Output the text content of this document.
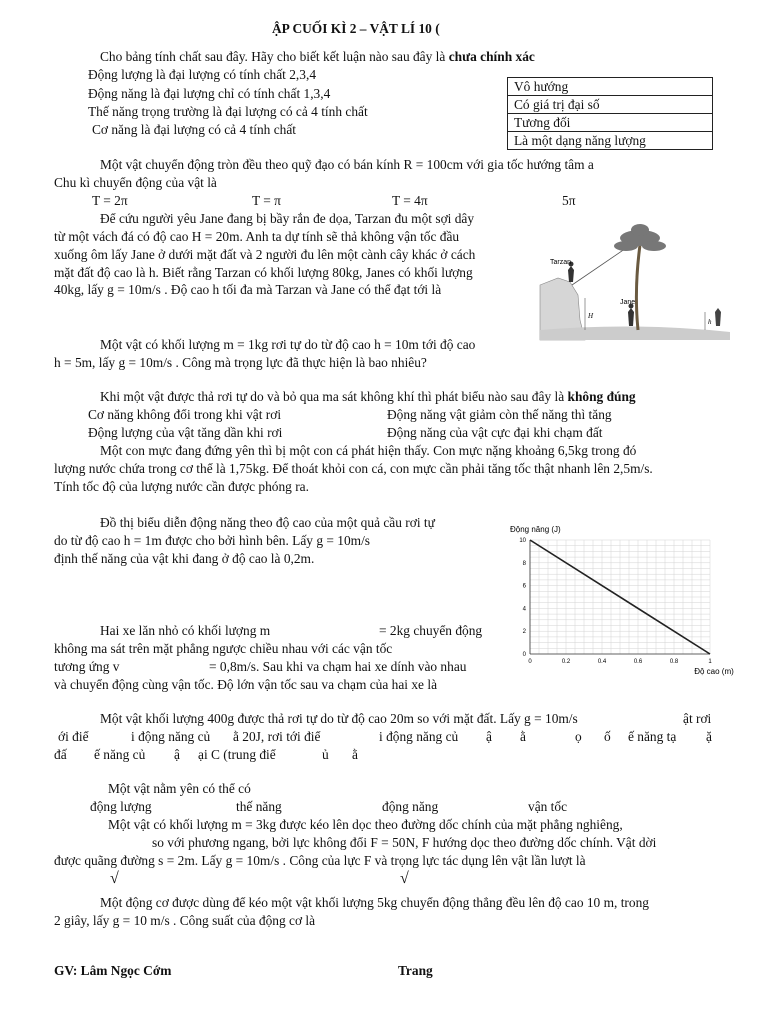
ẬP CUỐI KÌ 2 – VẬT LÍ 10 (
Cho bảng tính chất sau đây. Hãy cho biết kết luận nào sau đây là chưa chính xác
Động lượng là đại lượng có tính chất 2,3,4
Động năng là đại lượng chỉ có tính chất 1,3,4
Thế năng trọng trường là đại lượng có cả 4 tính chất
Cơ năng là đại lượng có cả 4 tính chất
Vô hướng
Có giá trị đại số
Tương đối
Là một dạng năng lượng
Một vật chuyển động tròn đều theo quỹ đạo có bán kính R = 100cm với gia tốc hướng tâm a
Chu kì chuyển động của vật là
T = 2π	T = π	T = 4π	5π
Để cứu người yêu Jane đang bị bầy rắn đe dọa, Tarzan đu một sợi dây
từ một vách đá có độ cao H = 20m. Anh ta dự tính sẽ thả không vận tốc đầu
xuống ôm lấy Jane ở dưới mặt đất và 2 người đu lên một cành cây khác ở cách
mặt đất độ cao là h. Biết rằng Tarzan có khối lượng 80kg, Janes có khối lượng
40kg, lấy g = 10m/s . Độ cao h tối đa mà Tarzan và Jane có thể đạt tới là
Tarzan
Jane
H
h
Một vật có khối lượng m = 1kg rơi tự do từ độ cao h = 10m tới độ cao
h = 5m, lấy g = 10m/s . Công mà trọng lực đã thực hiện là bao nhiêu?
Khi một vật được thả rơi tự do và bỏ qua ma sát không khí thì phát biểu nào sau đây là không đúng
Cơ năng không đổi trong khi vật rơi	Động năng vật giảm còn thế năng thì tăng
Động lượng của vật tăng dần khi rơi	Động năng của vật cực đại khi chạm đất
Một con mực đang đứng yên thì bị một con cá phát hiện thấy. Con mực nặng khoảng 6,5kg trong đó
lượng nước chứa trong cơ thể là 1,75kg. Để thoát khỏi con cá, con mực cần phải tăng tốc thật nhanh lên 2,5m/s.
Tính tốc độ của lượng nước cần được phóng ra.
Đồ thị biểu diễn động năng theo độ cao của một quả cầu rơi tự
do từ độ cao h = 1m được cho bởi hình bên. Lấy g = 10m/s
định thế năng của vật khi đang ở độ cao là 0,2m.
0	0.2	0.4	0.6	0.8	1
0
2
4
6
8
10
Động năng (J)
Độ cao (m)
Hai xe lăn nhỏ có khối lượng m	= 2kg chuyển động
không ma sát trên mặt phẳng ngược chiều nhau với các vận tốc
tương ứng v	= 0,8m/s. Sau khi va chạm hai xe dính vào nhau
và chuyển động cùng vận tốc. Độ lớn vận tốc sau va chạm của hai xe là
Một vật khối lượng 400g được thả rơi tự do từ độ cao 20m so với mặt đất. Lấy g = 10m/s	ật rơi
ới điể	i động năng củ ằ 20J, rơi tới điể	i động năng củ ậ ằ	ọ ố ế năng tạ ặ
đấ ế năng củ ậ ại C (trung điể	ủ ằ
Một vật nằm yên có thể có
động lượng	thế năng	động năng	vận tốc
Một vật có khối lượng m = 3kg được kéo lên dọc theo đường dốc chính của mặt phẳng nghiêng,
so với phương ngang, bởi lực không đổi F = 50N, F hướng dọc theo đường dốc chính. Vật dời
được quãng đường s = 2m. Lấy g = 10m/s . Công của lực F và trọng lực tác dụng lên vật lần lượt là
√	√
Một động cơ được dùng để kéo một vật khối lượng 5kg chuyển động thẳng đều lên độ cao 10 m, trong
2 giây, lấy g = 10 m/s . Công suất của động cơ là
GV: Lâm Ngọc Cớm	Trang
